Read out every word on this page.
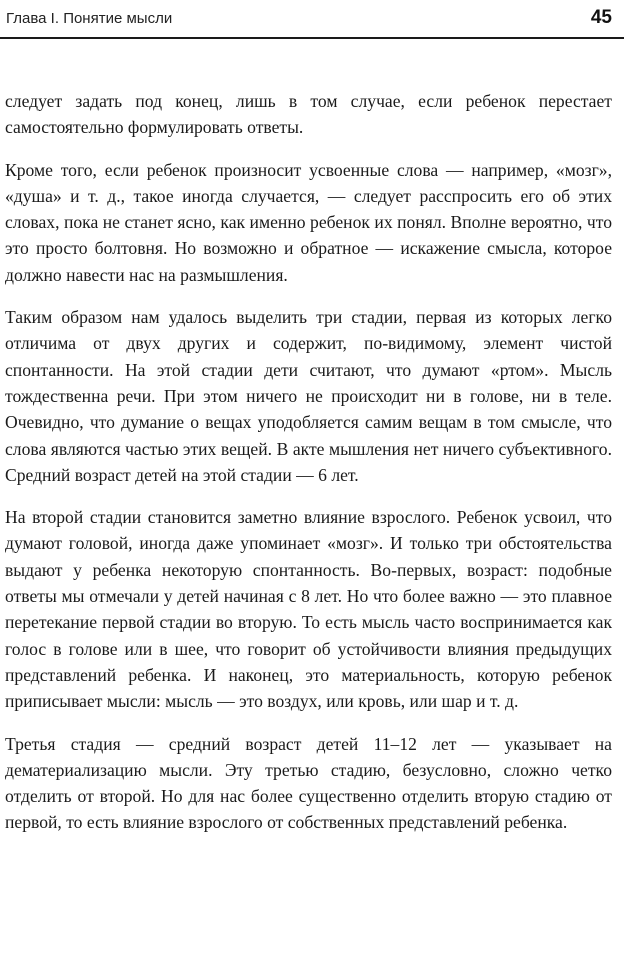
Глава I. Понятие мысли	45

следует задать под конец, лишь в том случае, если ребенок перестает самостоятельно формулировать ответы.

Кроме того, если ребенок произносит усвоенные слова — например, «мозг», «душа» и т. д., такое иногда случается, — следует расспросить его об этих словах, пока не станет ясно, как именно ребенок их понял. Вполне вероятно, что это просто болтовня. Но возможно и обратное — искажение смысла, которое должно навести нас на размышления.

Таким образом нам удалось выделить три стадии, первая из которых легко отличима от двух других и содержит, по-видимому, элемент чистой спонтанности. На этой стадии дети считают, что думают «ртом». Мысль тождественна речи. При этом ничего не происходит ни в голове, ни в теле. Очевидно, что думание о вещах уподобляется самим вещам в том смысле, что слова являются частью этих вещей. В акте мышления нет ничего субъективного. Средний возраст детей на этой стадии — 6 лет.

На второй стадии становится заметно влияние взрослого. Ребенок усвоил, что думают головой, иногда даже упоминает «мозг». И только три обстоятельства выдают у ребенка некоторую спонтанность. Во-первых, возраст: подобные ответы мы отмечали у детей начиная с 8 лет. Но что более важно — это плавное перетекание первой стадии во вторую. То есть мысль часто воспринимается как голос в голове или в шее, что говорит об устойчивости влияния предыдущих представлений ребенка. И наконец, это материальность, которую ребенок приписывает мысли: мысль — это воздух, или кровь, или шар и т. д.

Третья стадия — средний возраст детей 11–12 лет — указывает на дематериализацию мысли. Эту третью стадию, безусловно, сложно четко отделить от второй. Но для нас более существенно отделить вторую стадию от первой, то есть влияние взрослого от собственных представлений ребенка.
